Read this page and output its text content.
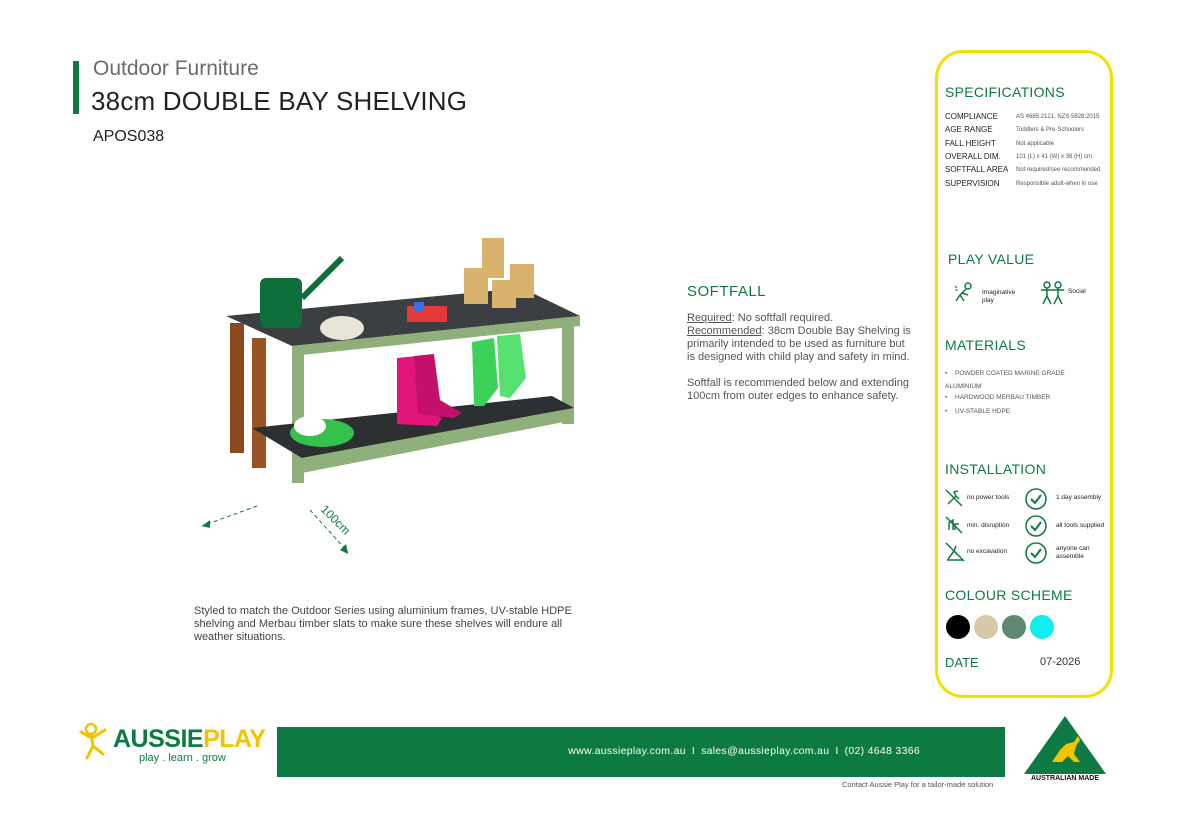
Outdoor Furniture
38cm DOUBLE BAY SHELVING
APOS038
100cm
SOFTFALL

Required: No softfall required.
Recommended: 38cm Double Bay Shelving is primarily intended to be used as furniture but is designed with child play and safety in mind.

Softfall is recommended below and extending 100cm from outer edges to enhance safety.

Styled to match the Outdoor Series using aluminium frames, UV-stable HDPE shelving and Merbau timber slats to make sure these shelves will endure all weather situations.
SPECIFICATIONS
COMPLIANCE	AS 4685:2121, NZS 5828:2015
AGE RANGE	Toddlers & Pre-Schoolers
FALL HEIGHT	Not applicable
OVERALL DIM.	101 (L) x 41 (W) x 38 (H) cm
SOFTFALL AREA Not required/see recommended
SUPERVISION	Responsible adult-when in use
PLAY VALUE
Imaginative play
Social
MATERIALS
• POWDER COATED MARINE GRADE ALUMINIUM
• HARDWOOD MERBAU TIMBER
• UV-STABLE HDPE
INSTALLATION
no power tools	1 day assembly
min. disruption	all tools supplied
no excavation	anyone can assemble
COLOUR SCHEME
DATE	07-2026
AUSSIEPLAY
play . learn . grow
www.aussieplay.com.au I sales@aussieplay.com.au I (02) 4648 3366
Contact Aussie Play for a tailor-made solution
AUSTRALIAN MADE
